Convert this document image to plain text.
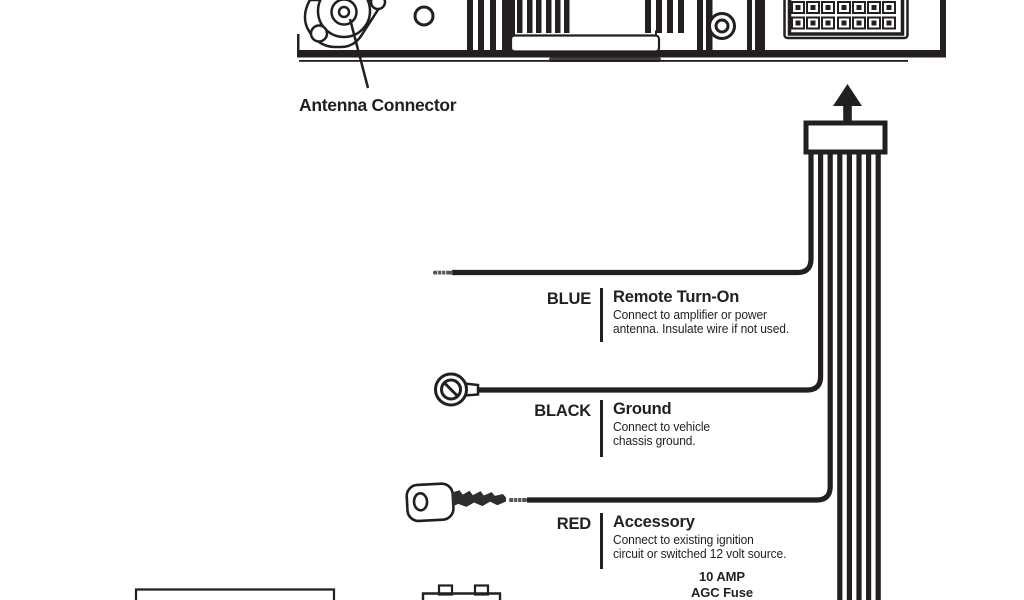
Antenna Connector
BLUE Remote Turn-On
Connect to amplifier or power
antenna. Insulate wire if not used.
BLACK Ground
Connect to vehicle
chassis ground.
RED Accessory
Connect to existing ignition
circuit or switched 12 volt source.
10 AMP
AGC Fuse
